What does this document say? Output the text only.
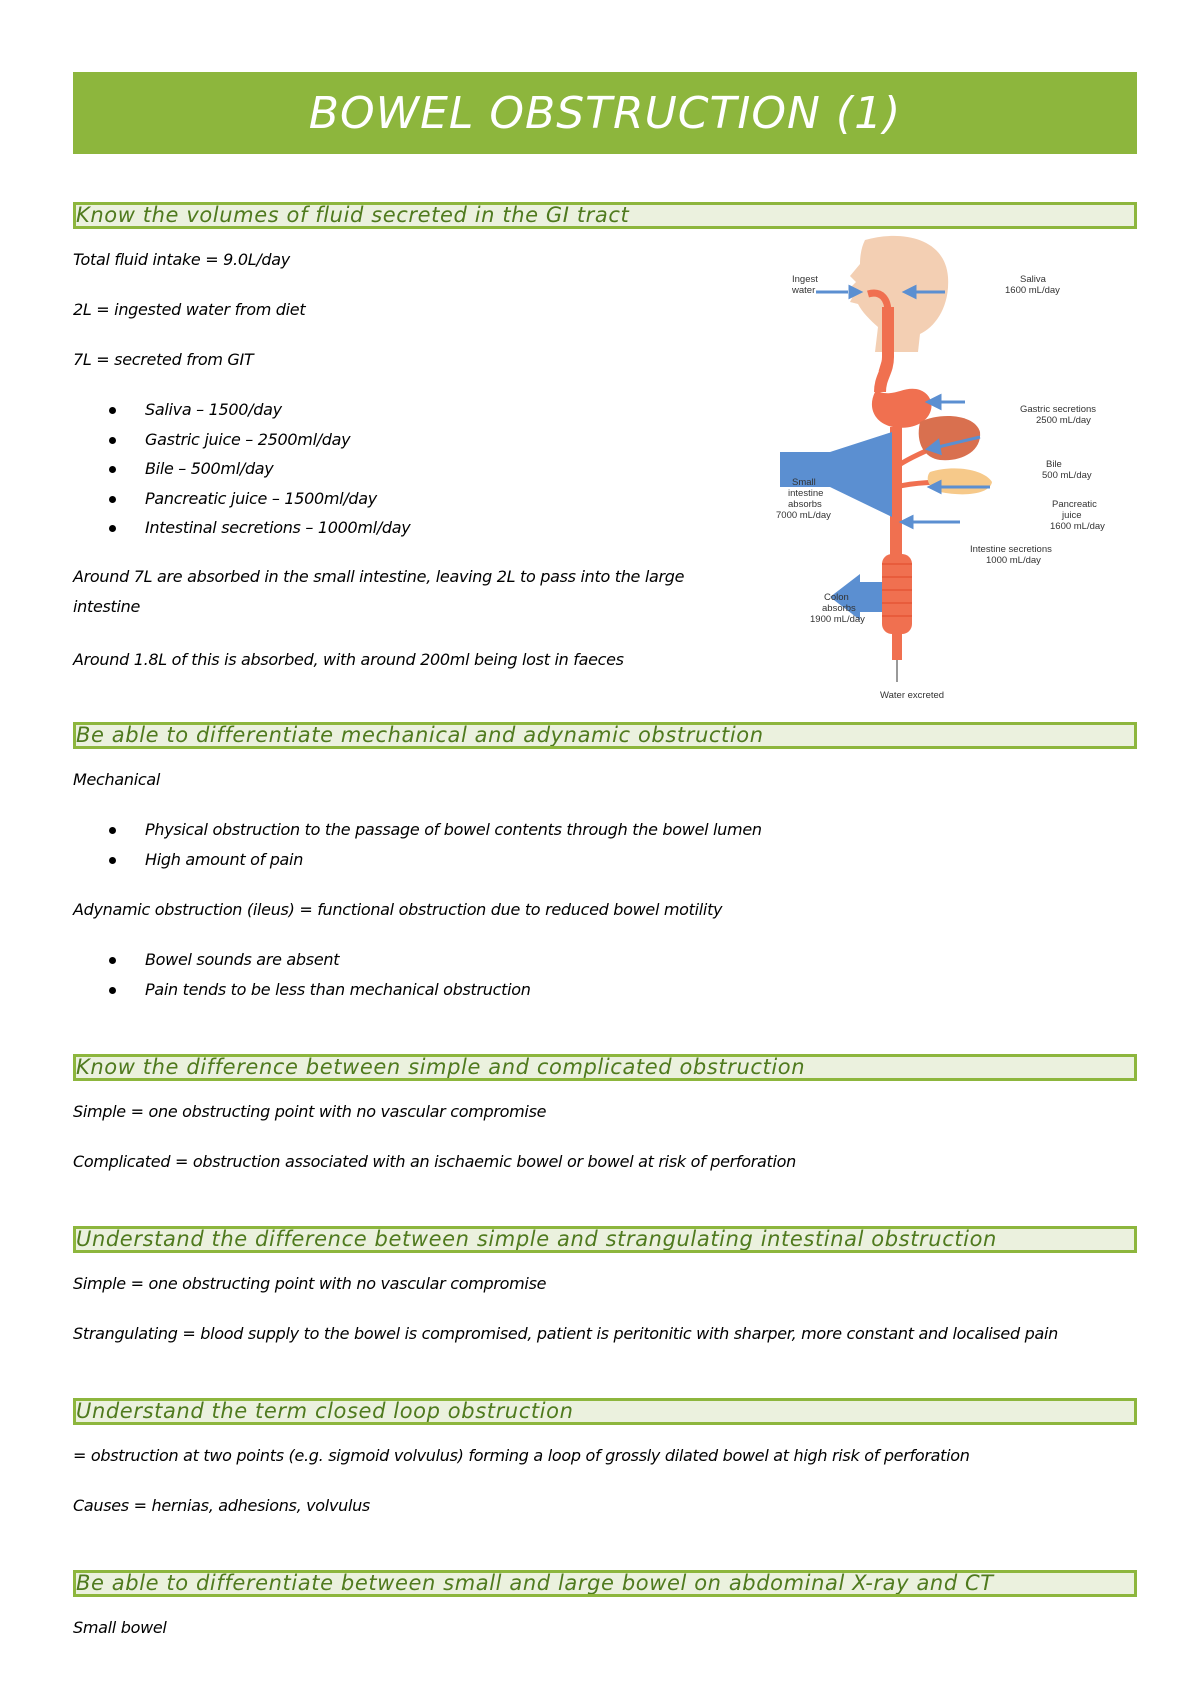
BOWEL OBSTRUCTION (1)
Know the volumes of fluid secreted in the GI tract
Total fluid intake = 9.0L/day
2L = ingested water from diet
7L = secreted from GIT
Saliva – 1500/day
Gastric juice – 2500ml/day
Bile – 500ml/day
Pancreatic juice – 1500ml/day
Intestinal secretions – 1000ml/day
Around 7L are absorbed in the small intestine, leaving 2L to pass into the large intestine
Around 1.8L of this is absorbed, with around 200ml being lost in faeces
Ingest water
Saliva 1600 mL/day
Gastric secretions 2500 mL/day
Bile 500 mL/day
Pancreatic juice 1600 mL/day
Small intestine absorbs 7000 mL/day
Intestine secretions 1000 mL/day
Colon absorbs 1900 mL/day
Water excreted
Be able to differentiate mechanical and adynamic obstruction
Mechanical
Physical obstruction to the passage of bowel contents through the bowel lumen
High amount of pain
Adynamic obstruction (ileus) = functional obstruction due to reduced bowel motility
Bowel sounds are absent
Pain tends to be less than mechanical obstruction
Know the difference between simple and complicated obstruction
Simple = one obstructing point with no vascular compromise
Complicated = obstruction associated with an ischaemic bowel or bowel at risk of perforation
Understand the difference between simple and strangulating intestinal obstruction
Simple = one obstructing point with no vascular compromise
Strangulating = blood supply to the bowel is compromised, patient is peritonitic with sharper, more constant and localised pain
Understand the term closed loop obstruction
= obstruction at two points (e.g. sigmoid volvulus) forming a loop of grossly dilated bowel at high risk of perforation
Causes = hernias, adhesions, volvulus
Be able to differentiate between small and large bowel on abdominal X-ray and CT
Small bowel
